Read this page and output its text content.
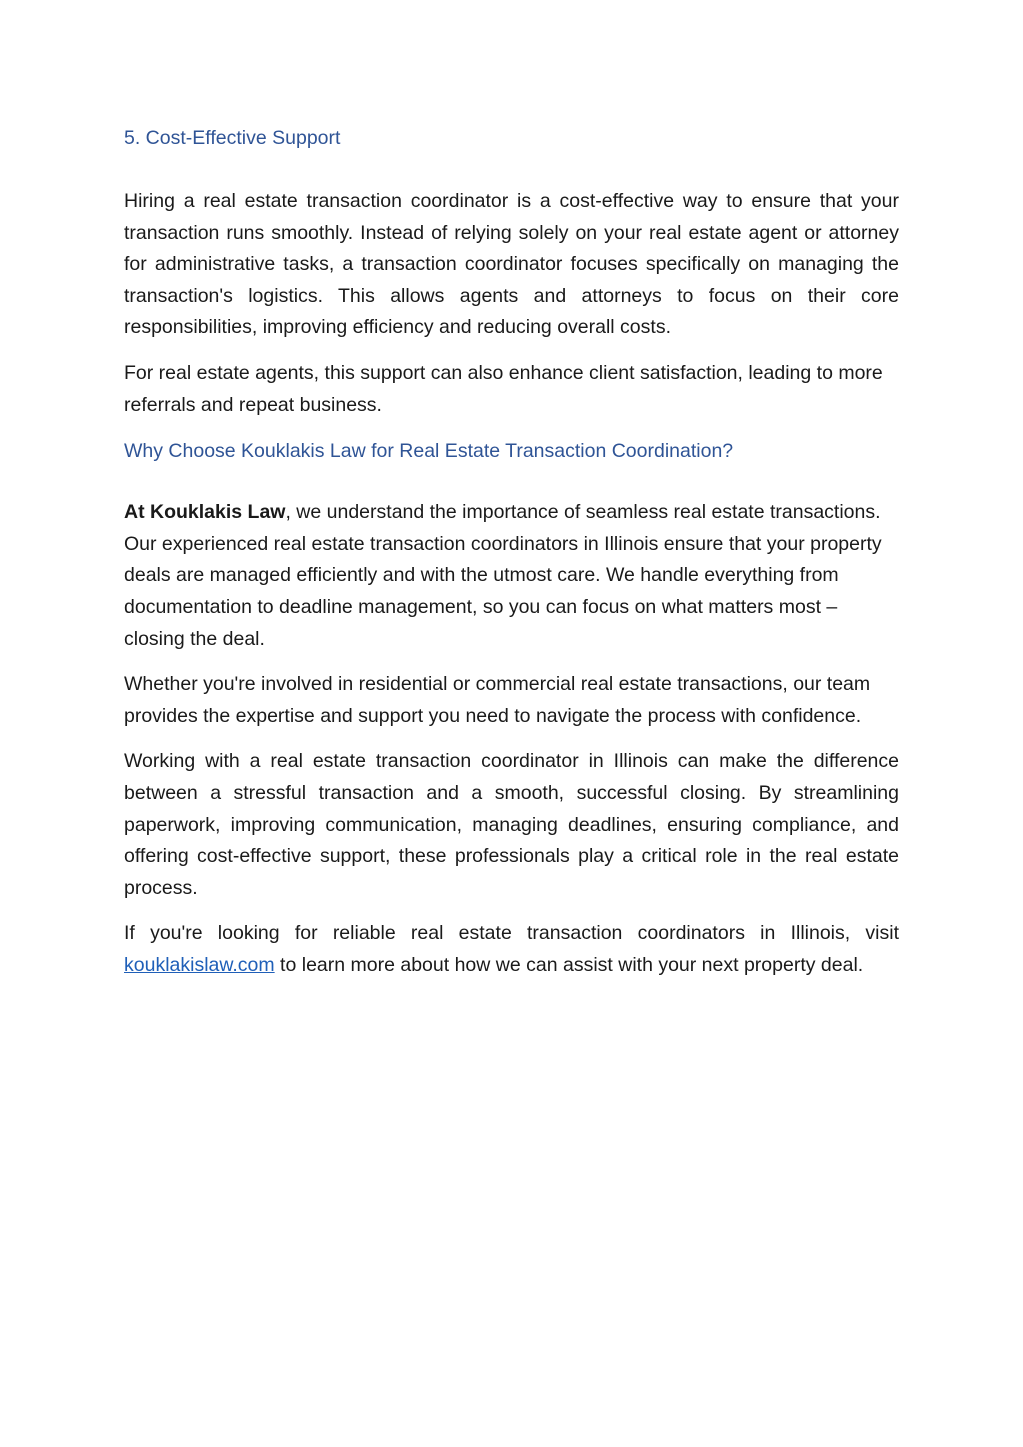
5. Cost-Effective Support

Hiring a real estate transaction coordinator is a cost-effective way to ensure that your transaction runs smoothly. Instead of relying solely on your real estate agent or attorney for administrative tasks, a transaction coordinator focuses specifically on managing the transaction's logistics. This allows agents and attorneys to focus on their core responsibilities, improving efficiency and reducing overall costs.

For real estate agents, this support can also enhance client satisfaction, leading to more referrals and repeat business.

Why Choose Kouklakis Law for Real Estate Transaction Coordination?

At Kouklakis Law, we understand the importance of seamless real estate transactions. Our experienced real estate transaction coordinators in Illinois ensure that your property deals are managed efficiently and with the utmost care. We handle everything from documentation to deadline management, so you can focus on what matters most – closing the deal.

Whether you're involved in residential or commercial real estate transactions, our team provides the expertise and support you need to navigate the process with confidence.

Working with a real estate transaction coordinator in Illinois can make the difference between a stressful transaction and a smooth, successful closing. By streamlining paperwork, improving communication, managing deadlines, ensuring compliance, and offering cost-effective support, these professionals play a critical role in the real estate process.

If you're looking for reliable real estate transaction coordinators in Illinois, visit kouklakislaw.com to learn more about how we can assist with your next property deal.
